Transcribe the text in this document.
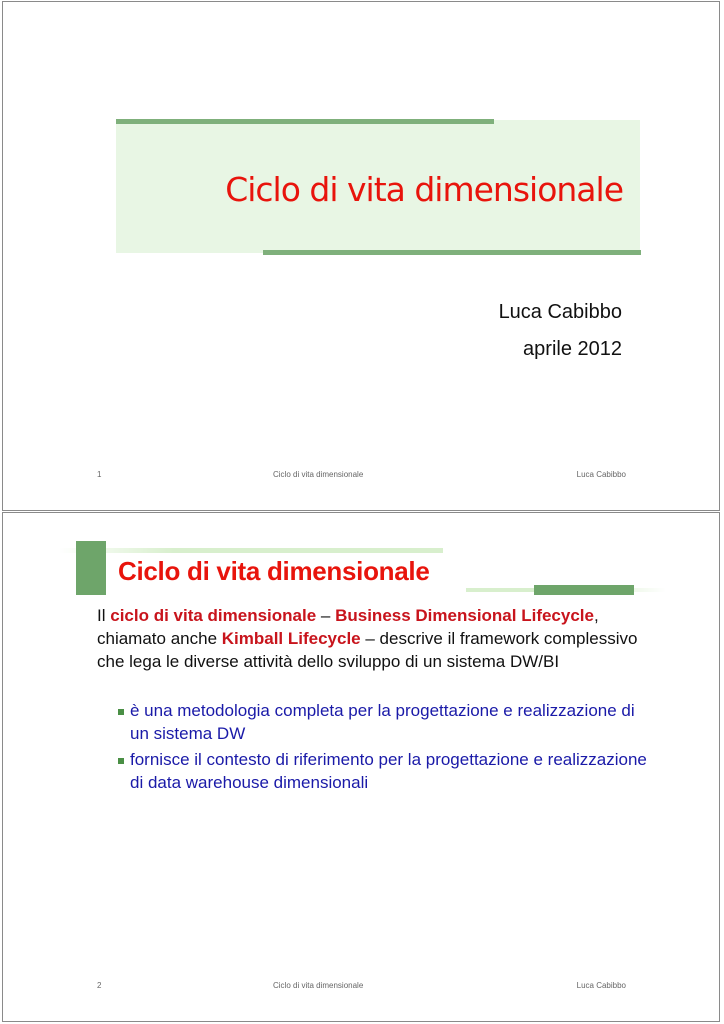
Ciclo di vita dimensionale
Luca Cabibbo
aprile 2012
1	Ciclo di vita dimensionale	Luca Cabibbo
Ciclo di vita dimensionale
Il ciclo di vita dimensionale – Business Dimensional Lifecycle, chiamato anche Kimball Lifecycle – descrive il framework complessivo che lega le diverse attività dello sviluppo di un sistema DW/BI
è una metodologia completa per la progettazione e realizzazione di un sistema DW
fornisce il contesto di riferimento per la progettazione e realizzazione di data warehouse dimensionali
2	Ciclo di vita dimensionale	Luca Cabibbo
